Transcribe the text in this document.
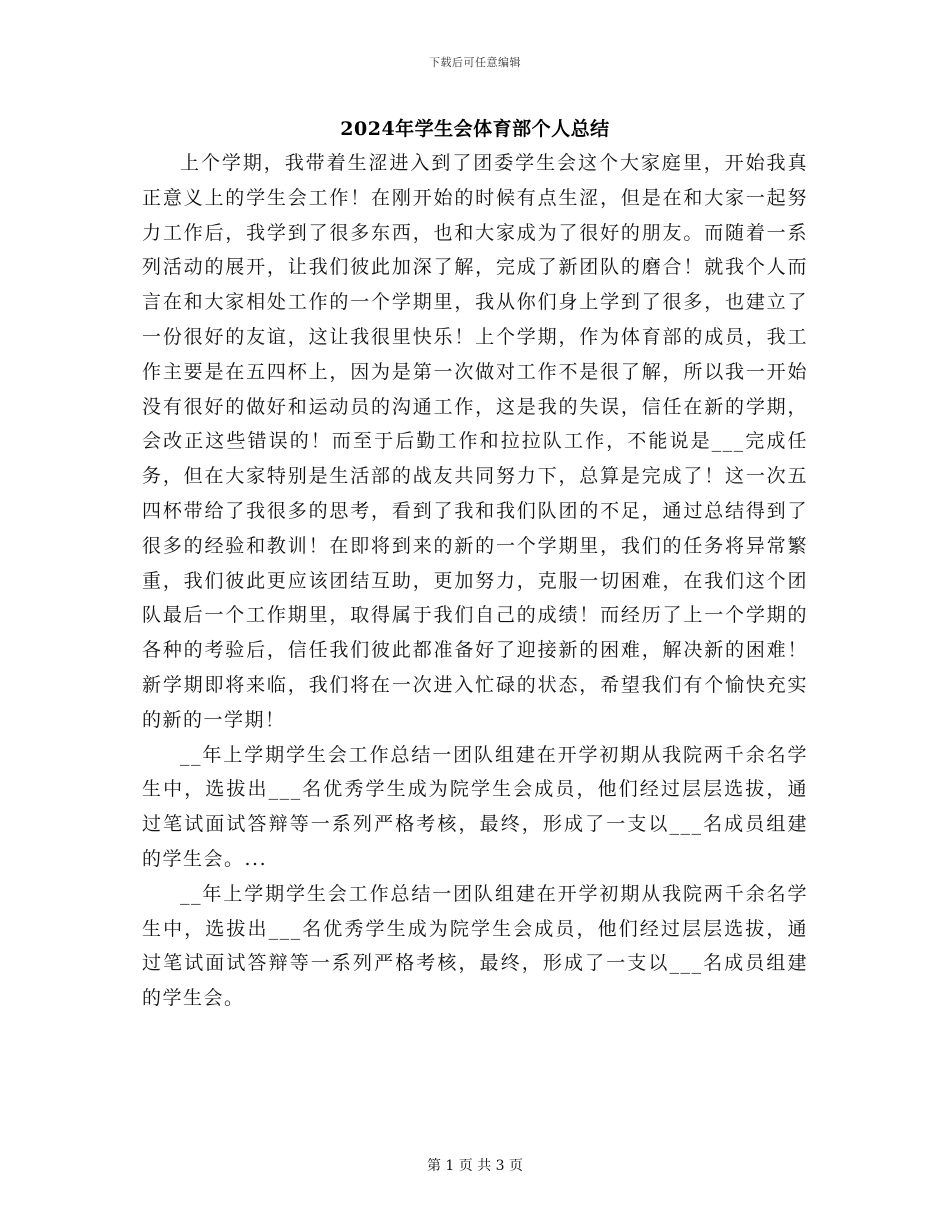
下载后可任意编辑
2024年学生会体育部个人总结

上个学期，我带着生涩进入到了团委学生会这个大家庭里，开始我真正意义上的学生会工作！在刚开始的时候有点生涩，但是在和大家一起努力工作后，我学到了很多东西，也和大家成为了很好的朋友。而随着一系列活动的展开，让我们彼此加深了解，完成了新团队的磨合！就我个人而言在和大家相处工作的一个学期里，我从你们身上学到了很多，也建立了一份很好的友谊，这让我很里快乐！上个学期，作为体育部的成员，我工作主要是在五四杯上，因为是第一次做对工作不是很了解，所以我一开始没有很好的做好和运动员的沟通工作，这是我的失误，信任在新的学期，会改正这些错误的！而至于后勤工作和拉拉队工作，不能说是___完成任务，但在大家特别是生活部的战友共同努力下，总算是完成了！这一次五四杯带给了我很多的思考，看到了我和我们队团的不足，通过总结得到了很多的经验和教训！在即将到来的新的一个学期里，我们的任务将异常繁重，我们彼此更应该团结互助，更加努力，克服一切困难，在我们这个团队最后一个工作期里，取得属于我们自己的成绩！而经历了上一个学期的各种的考验后，信任我们彼此都准备好了迎接新的困难，解决新的困难！新学期即将来临，我们将在一次进入忙碌的状态，希望我们有个愉快充实的新的一学期！

__年上学期学生会工作总结一团队组建在开学初期从我院两千余名学生中，选拔出___名优秀学生成为院学生会成员，他们经过层层选拔，通过笔试面试答辩等一系列严格考核，最终，形成了一支以___名成员组建的学生会。...

__年上学期学生会工作总结一团队组建在开学初期从我院两千余名学生中，选拔出___名优秀学生成为院学生会成员，他们经过层层选拔，通过笔试面试答辩等一系列严格考核，最终，形成了一支以___名成员组建的学生会。

第 1 页 共 3 页
